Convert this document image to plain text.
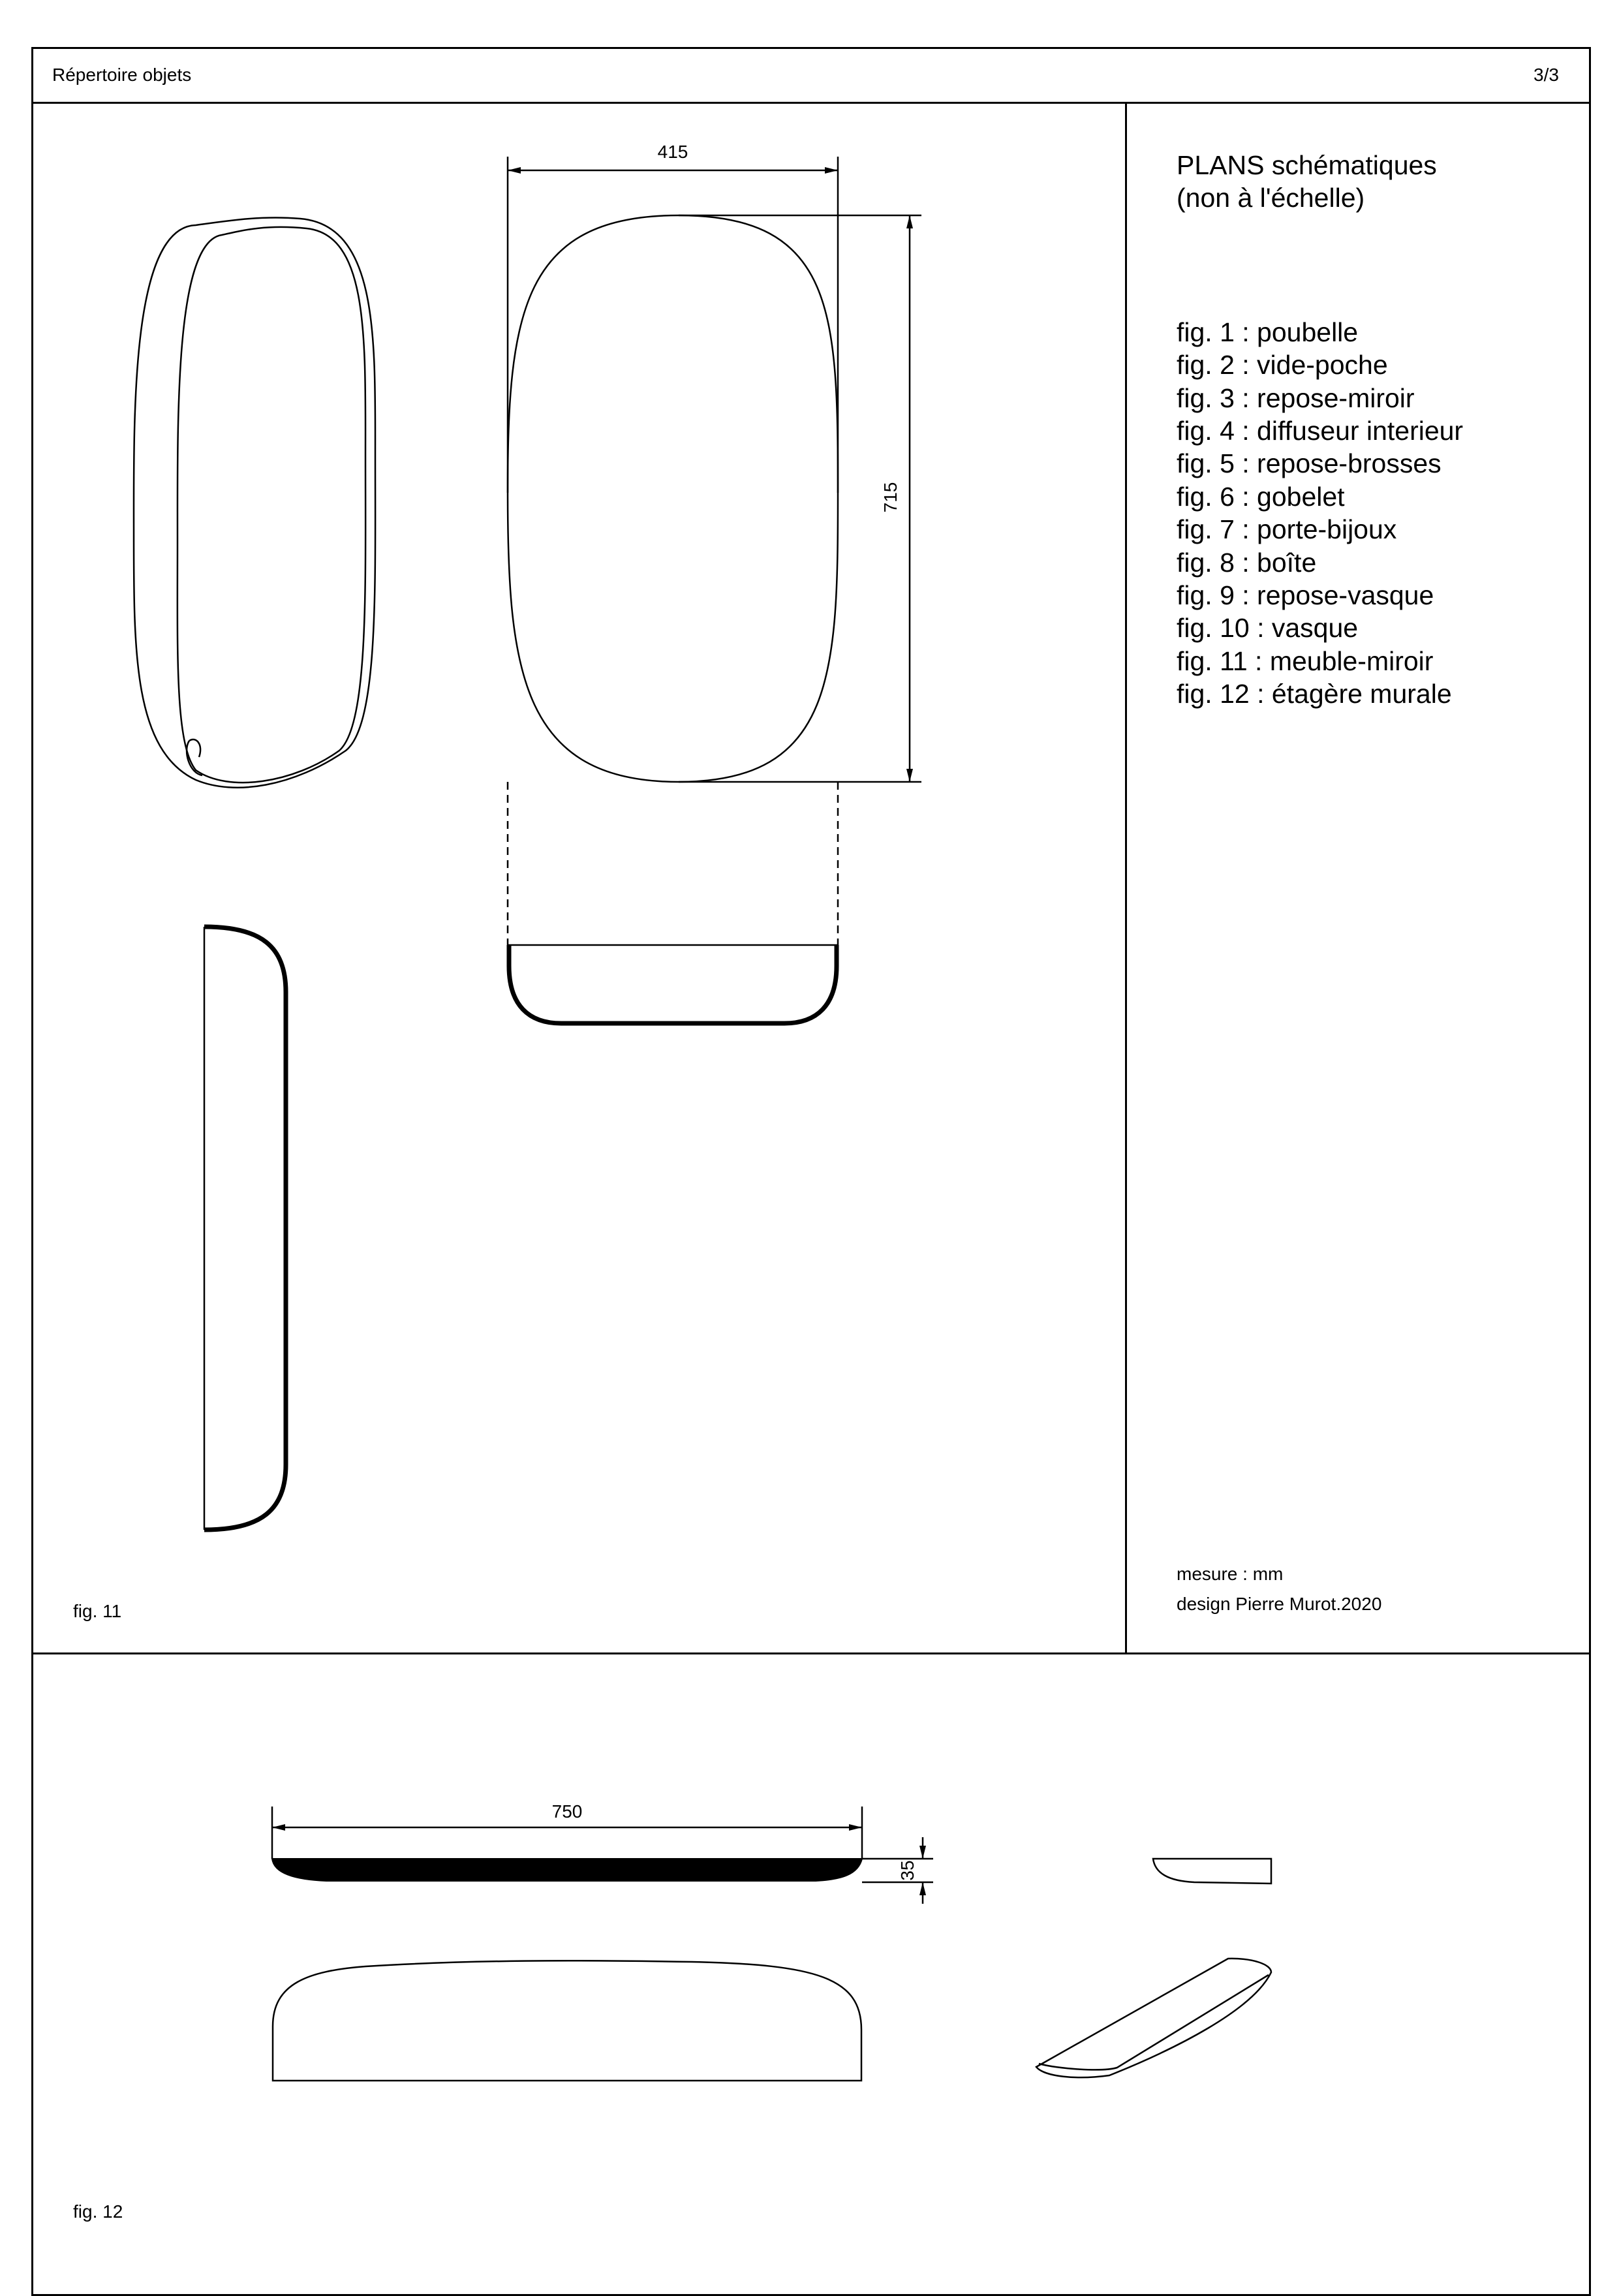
Répertoire objets	3/3
PLANS schématiques
(non à l'échelle)
fig. 1 : poubelle
fig. 2 : vide-poche
fig. 3 : repose-miroir
fig. 4 : diffuseur interieur
fig. 5 : repose-brosses
fig. 6 : gobelet
fig. 7 : porte-bijoux
fig. 8 : boîte
fig. 9 : repose-vasque
fig. 10 : vasque
fig. 11 : meuble-miroir
fig. 12 : étagère murale
mesure : mm
design Pierre Murot.2020
fig. 11
fig. 12
415
715
750
35
